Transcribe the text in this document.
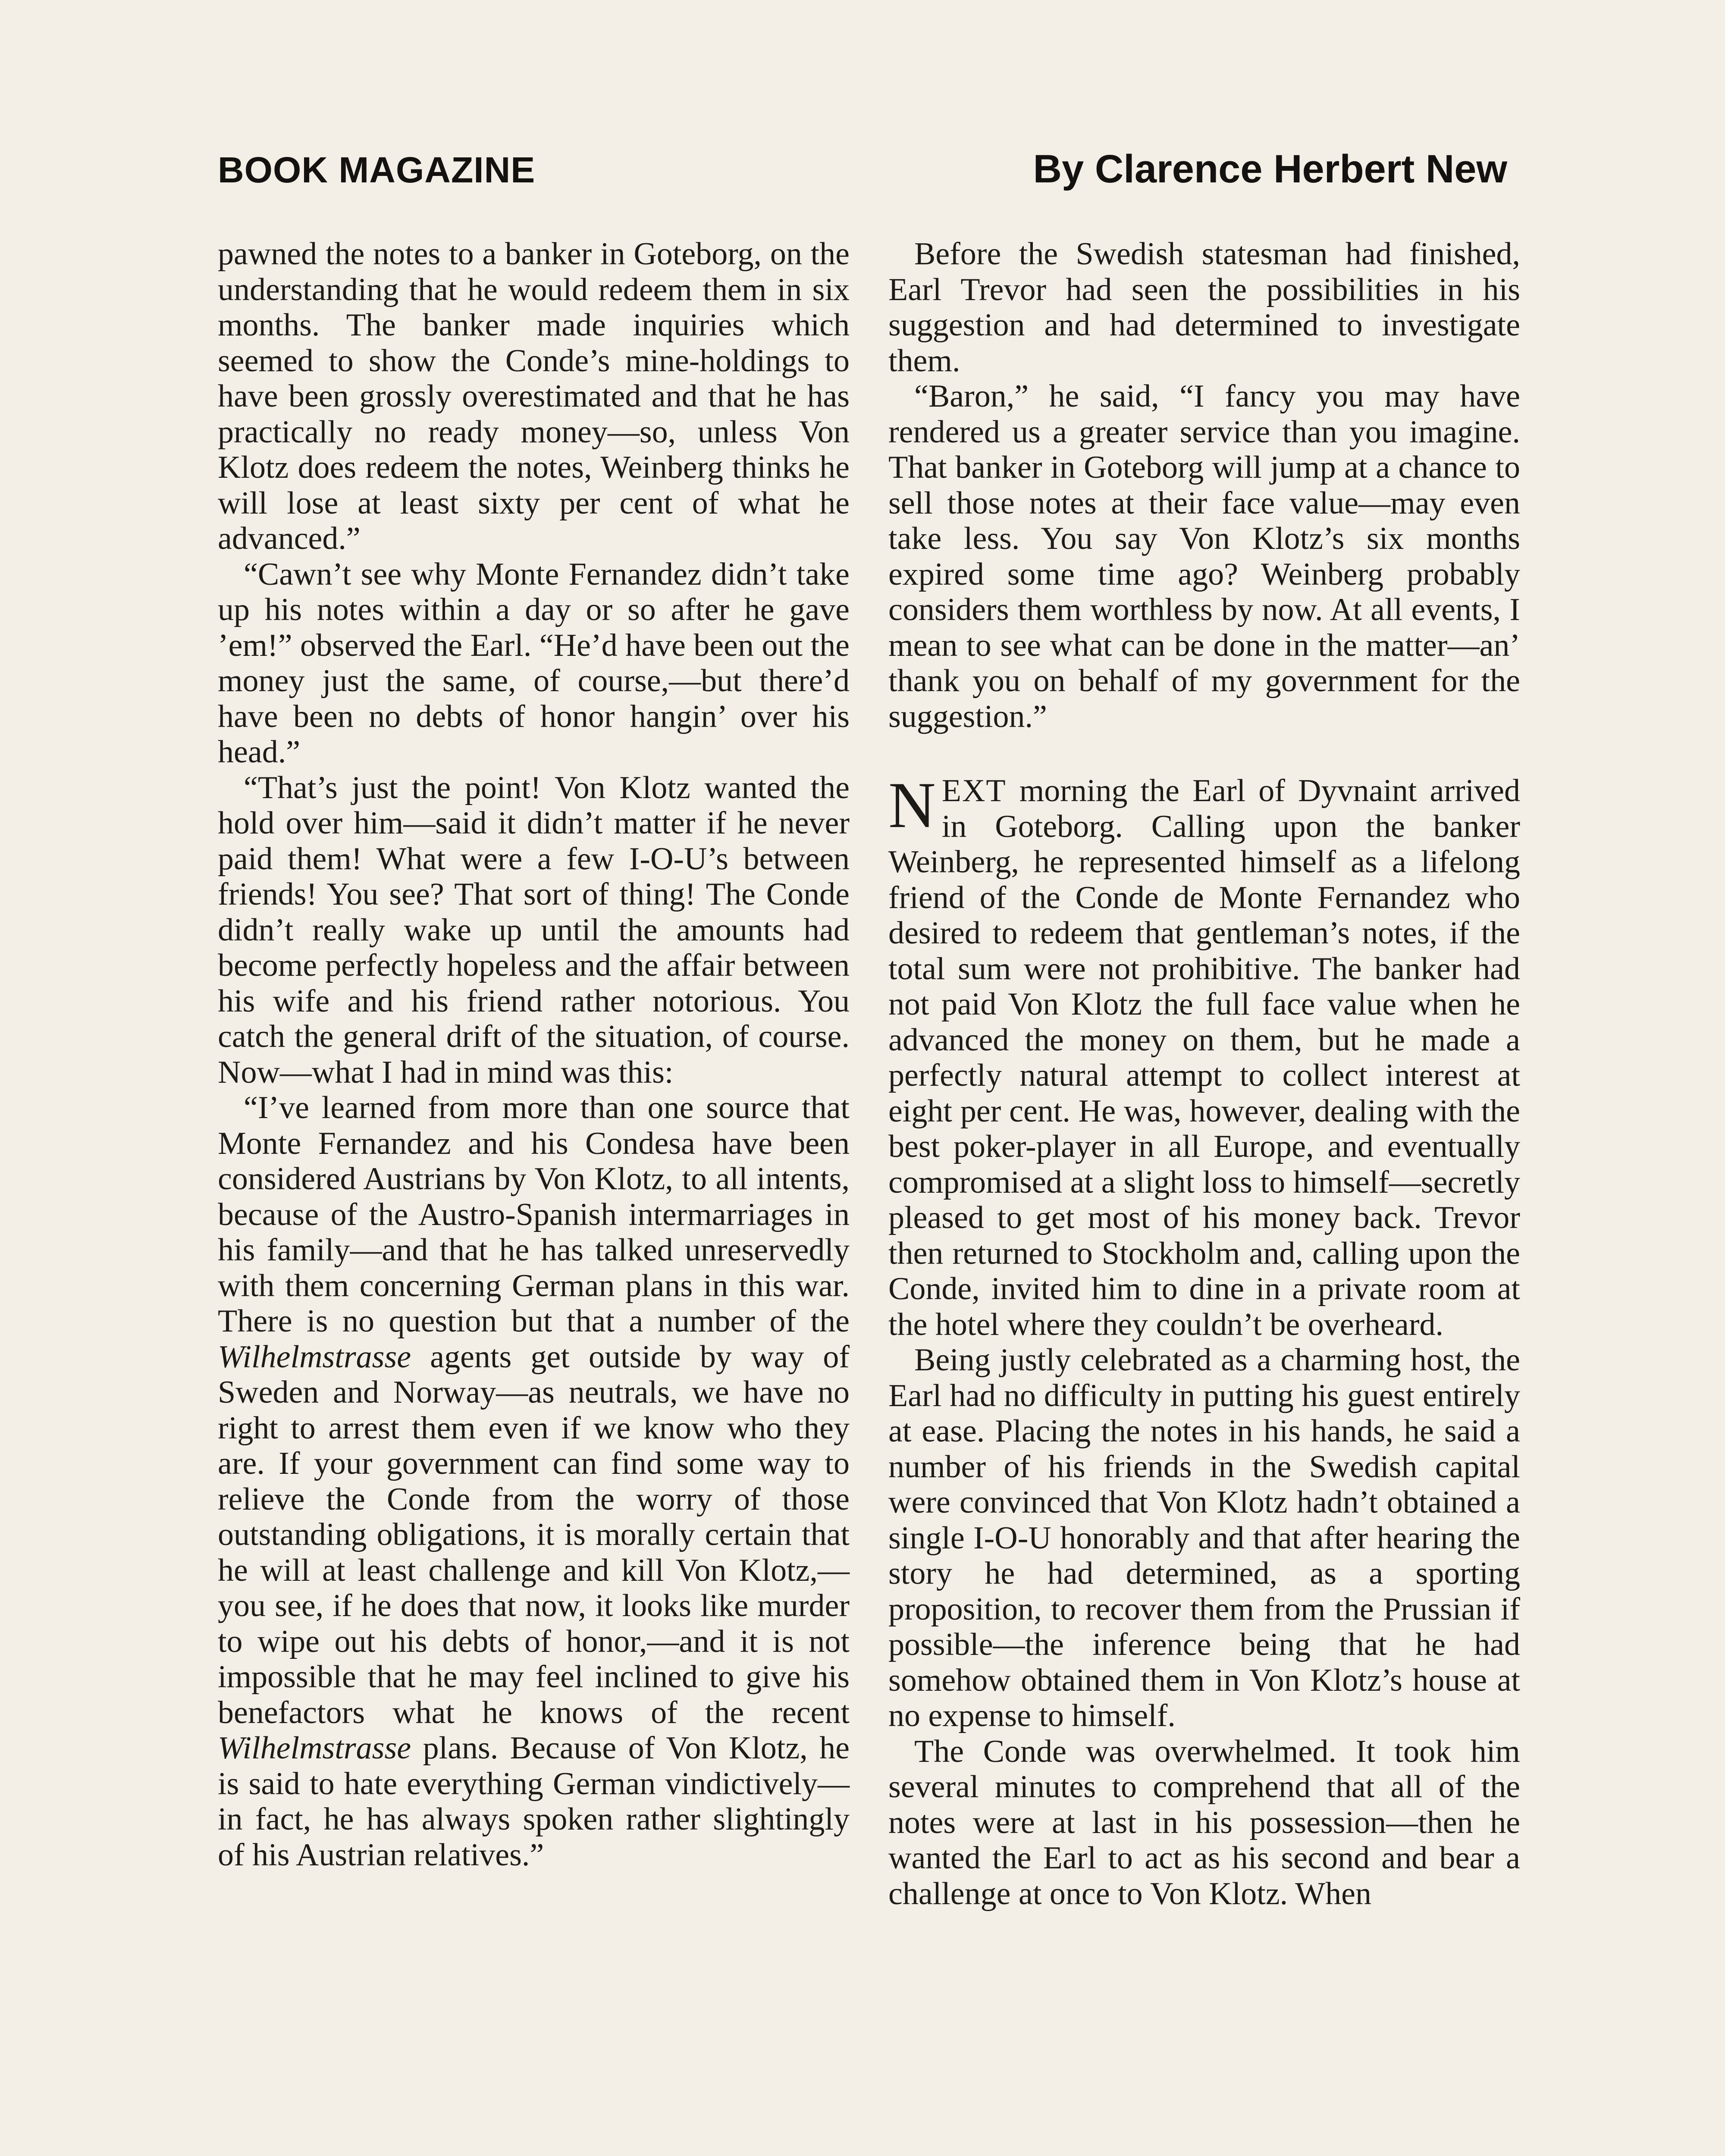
BOOK MAGAZINE	By Clarence Herbert New

pawned the notes to a banker in Goteborg, on the understanding that he would redeem them in six months. The banker made inquiries which seemed to show the Conde’s mine-holdings to have been grossly overestimated and that he has practically no ready money—so, unless Von Klotz does redeem the notes, Weinberg thinks he will lose at least sixty per cent of what he advanced.”

“Cawn’t see why Monte Fernandez didn’t take up his notes within a day or so after he gave ’em!” observed the Earl. “He’d have been out the money just the same, of course,—but there’d have been no debts of honor hangin’ over his head.”

“That’s just the point! Von Klotz wanted the hold over him—said it didn’t matter if he never paid them! What were a few I-O-U’s between friends! You see? That sort of thing! The Conde didn’t really wake up until the amounts had become perfectly hopeless and the affair between his wife and his friend rather notorious. You catch the general drift of the situation, of course. Now—what I had in mind was this:

“I’ve learned from more than one source that Monte Fernandez and his Condesa have been considered Austrians by Von Klotz, to all intents, because of the Austro-Spanish intermarriages in his family—and that he has talked unreservedly with them concerning German plans in this war. There is no question but that a number of the Wilhelmstrasse agents get outside by way of Sweden and Norway—as neutrals, we have no right to arrest them even if we know who they are. If your government can find some way to relieve the Conde from the worry of those outstanding obligations, it is morally certain that he will at least challenge and kill Von Klotz,—you see, if he does that now, it looks like murder to wipe out his debts of honor,—and it is not impossible that he may feel inclined to give his benefactors what he knows of the recent Wilhelmstrasse plans. Because of Von Klotz, he is said to hate everything German vindictively—in fact, he has always spoken rather slightingly of his Austrian relatives.”

Before the Swedish statesman had finished, Earl Trevor had seen the possibilities in his suggestion and had determined to investigate them.

“Baron,” he said, “I fancy you may have rendered us a greater service than you imagine. That banker in Goteborg will jump at a chance to sell those notes at their face value—may even take less. You say Von Klotz’s six months expired some time ago? Weinberg probably considers them worthless by now. At all events, I mean to see what can be done in the matter—an’ thank you on behalf of my government for the suggestion.”

NEXT morning the Earl of Dyvnaint arrived in Goteborg. Calling upon the banker Weinberg, he represented himself as a lifelong friend of the Conde de Monte Fernandez who desired to redeem that gentleman’s notes, if the total sum were not prohibitive. The banker had not paid Von Klotz the full face value when he advanced the money on them, but he made a perfectly natural attempt to collect interest at eight per cent. He was, however, dealing with the best poker-player in all Europe, and eventually compromised at a slight loss to himself—secretly pleased to get most of his money back. Trevor then returned to Stockholm and, calling upon the Conde, invited him to dine in a private room at the hotel where they couldn’t be overheard.

Being justly celebrated as a charming host, the Earl had no difficulty in putting his guest entirely at ease. Placing the notes in his hands, he said a number of his friends in the Swedish capital were convinced that Von Klotz hadn’t obtained a single I-O-U honorably and that after hearing the story he had determined, as a sporting proposition, to recover them from the Prussian if possible—the inference being that he had somehow obtained them in Von Klotz’s house at no expense to himself.

The Conde was overwhelmed. It took him several minutes to comprehend that all of the notes were at last in his possession—then he wanted the Earl to act as his second and bear a challenge at once to Von Klotz. When
